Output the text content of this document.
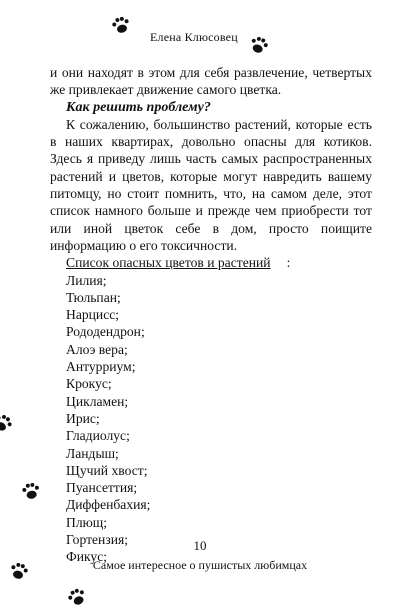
Елена Клюсовец

и они находят в этом для себя развлечение, четвертых же привлекает движение самого цветка.

Как решить проблему?

К сожалению, большинство растений, которые есть в наших квартирах, довольно опасны для котиков. Здесь я приведу лишь часть самых распространенных растений и цветов, которые могут навредить вашему питомцу, но стоит помнить, что, на самом деле, этот список намного больше и прежде чем приобрести тот или иной цветок себе в дом, просто поищите информацию о его токсичности.

Список опасных цветов и растений :

Лилия;
Тюльпан;
Нарцисс;
Рододендрон;
Алоэ вера;
Антурриум;
Крокус;
Цикламен;
Ирис;
Гладиолус;
Ландыш;
Щучий хвост;
Пуансеттия;
Диффенбахия;
Плющ;
Гортензия;
Фикус;
10
Самое интересное о пушистых любимцах
